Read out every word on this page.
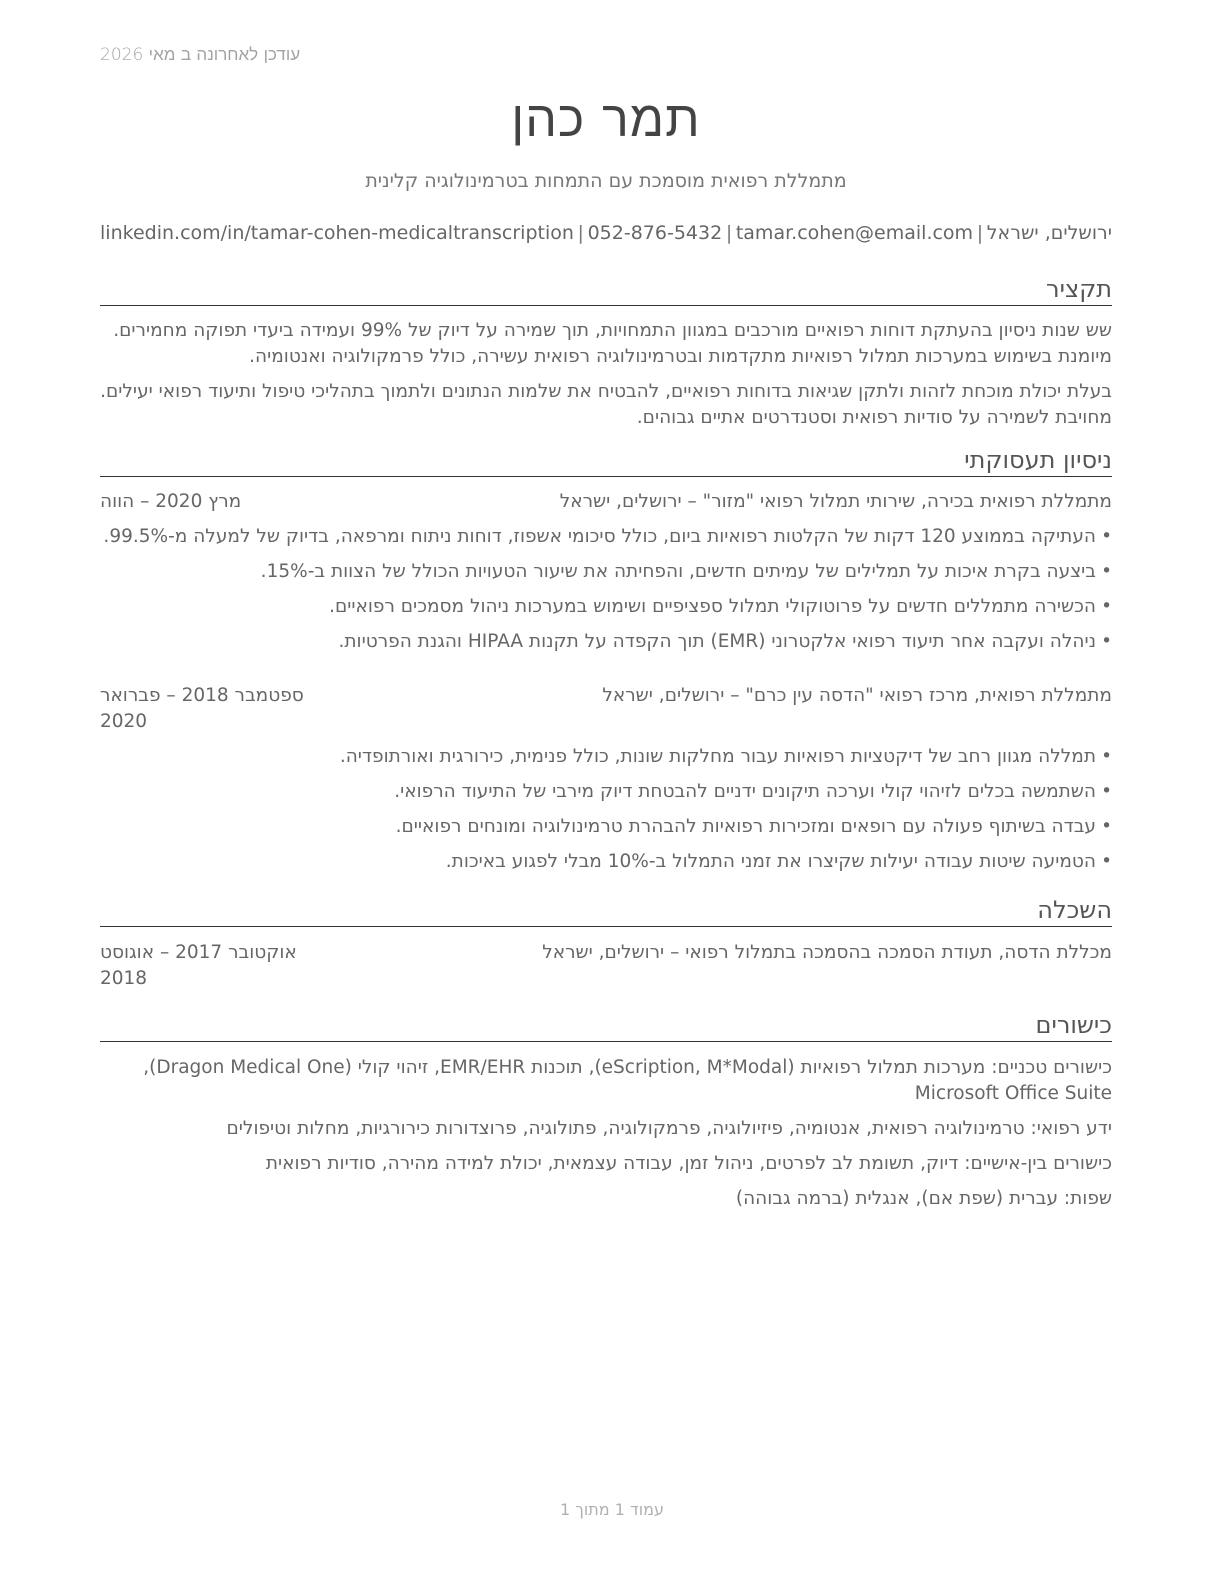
עודכן לאחרונה ב מאי 2026
תמר כהן
מתמללת רפואית מוסמכת עם התמחות בטרמינולוגיה קלינית
ירושלים, ישראל
|
tamar.cohen@email.com
|
052-876-5432
|
linkedin.com/in/tamar-cohen-medicaltranscription
תקציר

שש שנות ניסיון בהעתקת דוחות רפואיים מורכבים במגוון התמחויות, תוך שמירה על דיוק של 99% ועמידה ביעדי תפוקה מחמירים. מיומנת בשימוש במערכות תמלול רפואיות מתקדמות ובטרמינולוגיה רפואית עשירה, כולל פרמקולוגיה ואנטומיה.

בעלת יכולת מוכחת לזהות ולתקן שגיאות בדוחות רפואיים, להבטיח את שלמות הנתונים ולתמוך בתהליכי טיפול ותיעוד רפואי יעילים. מחויבת לשמירה על סודיות רפואית וסטנדרטים אתיים גבוהים.

ניסיון תעסוקתי
מתמללת רפואית בכירה, שירותי תמלול רפואי "מזור" – ירושלים, ישראל
מרץ 2020 – הווה
• העתיקה בממוצע 120 דקות של הקלטות רפואיות ביום, כולל סיכומי אשפוז, דוחות ניתוח ומרפאה, בדיוק של למעלה מ-99.5%.
• ביצעה בקרת איכות על תמלילים של עמיתים חדשים, והפחיתה את שיעור הטעויות הכולל של הצוות ב-15%.
• הכשירה מתמללים חדשים על פרוטוקולי תמלול ספציפיים ושימוש במערכות ניהול מסמכים רפואיים.
• ניהלה ועקבה אחר תיעוד רפואי אלקטרוני (EMR) תוך הקפדה על תקנות HIPAA והגנת הפרטיות.
מתמללת רפואית, מרכז רפואי "הדסה עין כרם" – ירושלים, ישראל
ספטמבר 2018 – פברואר 2020
• תמללה מגוון רחב של דיקטציות רפואיות עבור מחלקות שונות, כולל פנימית, כירורגית ואורתופדיה.
• השתמשה בכלים לזיהוי קולי וערכה תיקונים ידניים להבטחת דיוק מירבי של התיעוד הרפואי.
• עבדה בשיתוף פעולה עם רופאים ומזכירות רפואיות להבהרת טרמינולוגיה ומונחים רפואיים.
• הטמיעה שיטות עבודה יעילות שקיצרו את זמני התמלול ב-10% מבלי לפגוע באיכות.
השכלה
מכללת הדסה, תעודת הסמכה בהסמכה בתמלול רפואי – ירושלים, ישראל
אוקטובר 2017 – אוגוסט 2018
כישורים
כישורים טכניים: מערכות תמלול רפואיות (eScription, M*Modal), תוכנות EMR/EHR, זיהוי קולי (Dragon Medical One), Microsoft Office Suite
ידע רפואי: טרמינולוגיה רפואית, אנטומיה, פיזיולוגיה, פרמקולוגיה, פתולוגיה, פרוצדורות כירורגיות, מחלות וטיפולים
כישורים בין-אישיים: דיוק, תשומת לב לפרטים, ניהול זמן, עבודה עצמאית, יכולת למידה מהירה, סודיות רפואית
שפות: עברית (שפת אם), אנגלית (ברמה גבוהה)
עמוד 1 מתוך 1
